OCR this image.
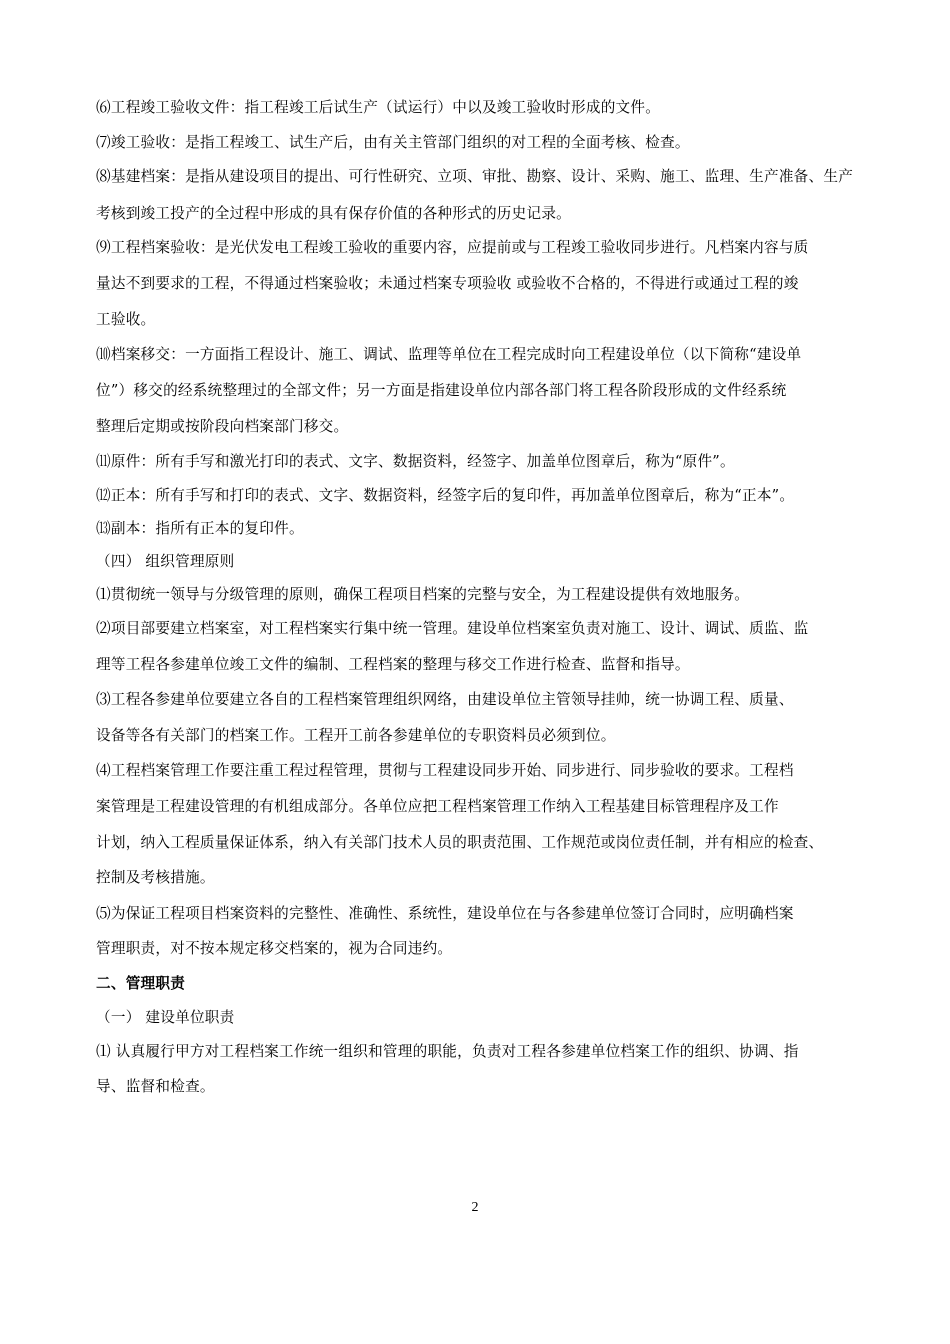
⑹工程竣工验收文件：指工程竣工后试生产（试运行）中以及竣工验收时形成的文件。
⑺竣工验收：是指工程竣工、试生产后，由有关主管部门组织的对工程的全面考核、检查。
⑻基建档案：是指从建设项目的提出、可行性研究、立项、审批、勘察、设计、采购、施工、监理、生产准备、生产
考核到竣工投产的全过程中形成的具有保存价值的各种形式的历史记录。
⑼工程档案验收：是光伏发电工程竣工验收的重要内容，应提前或与工程竣工验收同步进行。凡档案内容与质
量达不到要求的工程，不得通过档案验收；未通过档案专项验收 或验收不合格的，不得进行或通过工程的竣
工验收。
⑽档案移交：一方面指工程设计、施工、调试、监理等单位在工程完成时向工程建设单位（以下简称“建设单
位”）移交的经系统整理过的全部文件；另一方面是指建设单位内部各部门将工程各阶段形成的文件经系统
整理后定期或按阶段向档案部门移交。
⑾原件：所有手写和激光打印的表式、文字、数据资料，经签字、加盖单位图章后，称为“原件”。
⑿正本：所有手写和打印的表式、文字、数据资料，经签字后的复印件，再加盖单位图章后，称为“正本”。
⒀副本：指所有正本的复印件。
（四） 组织管理原则
⑴贯彻统一领导与分级管理的原则，确保工程项目档案的完整与安全，为工程建设提供有效地服务。
⑵项目部要建立档案室，对工程档案实行集中统一管理。建设单位档案室负责对施工、设计、调试、质监、监
理等工程各参建单位竣工文件的编制、工程档案的整理与移交工作进行检查、监督和指导。
⑶工程各参建单位要建立各自的工程档案管理组织网络，由建设单位主管领导挂帅，统一协调工程、质量、
设备等各有关部门的档案工作。工程开工前各参建单位的专职资料员必须到位。
⑷工程档案管理工作要注重工程过程管理，贯彻与工程建设同步开始、同步进行、同步验收的要求。工程档
案管理是工程建设管理的有机组成部分。各单位应把工程档案管理工作纳入工程基建目标管理程序及工作
计划，纳入工程质量保证体系，纳入有关部门技术人员的职责范围、工作规范或岗位责任制，并有相应的检查、
控制及考核措施。
⑸为保证工程项目档案资料的完整性、准确性、系统性，建设单位在与各参建单位签订合同时，应明确档案
管理职责，对不按本规定移交档案的，视为合同违约。
二、管理职责
（一） 建设单位职责
⑴ 认真履行甲方对工程档案工作统一组织和管理的职能，负责对工程各参建单位档案工作的组织、协调、指
导、监督和检查。
2
